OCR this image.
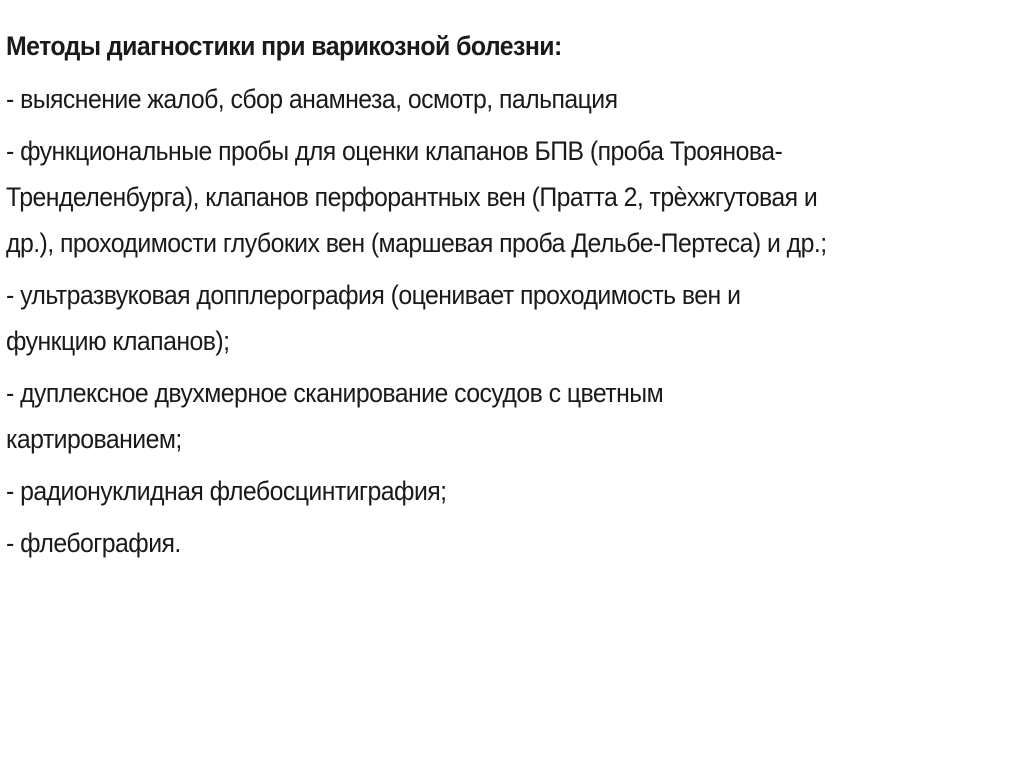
Методы диагностики при варикозной болезни:
- выяснение жалоб, сбор анамнеза, осмотр, пальпация
- функциональные пробы для оценки клапанов БПВ (проба Троянова-
Тренделенбурга), клапанов перфорантных вен (Пратта 2, трѐхжгутовая и
др.), проходимости глубоких вен (маршевая проба Дельбе-Пертеса) и др.;
- ультразвуковая допплерография (оценивает проходимость вен и
функцию клапанов);
- дуплексное двухмерное сканирование сосудов с цветным
картированием;
- радионуклидная флебосцинтиграфия;
- флебография.
